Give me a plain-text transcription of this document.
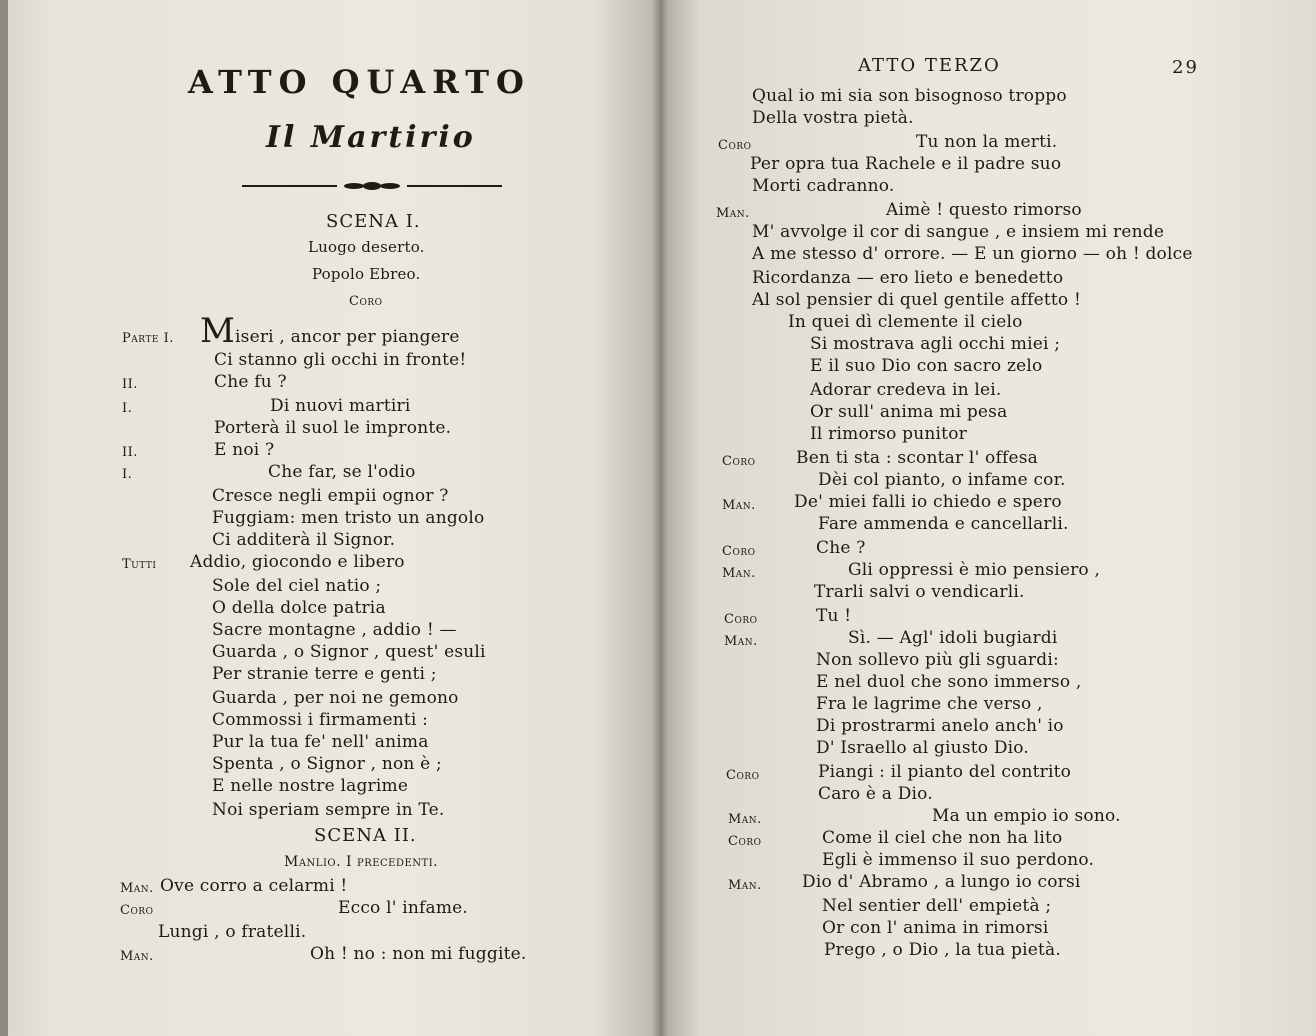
ATTO QUARTO
Il Martirio
SCENA I.
Luogo deserto.
Popolo Ebreo.
Coro
Parte I. Miseri , ancor per piangere
Ci stanno gli occhi in fronte!
II.	Che fu ?
I.	Di nuovi martiri
Porterà il suol le impronte.
II.	E noi ?
I.	Che far, se l'odio
Cresce negli empii ognor ?
Fuggiam: men tristo un angolo
Ci additerà il Signor.
Tutti Addio, giocondo e libero
Sole del ciel natio ;
O della dolce patria
Sacre montagne , addio ! —
Guarda , o Signor , quest' esuli
Per stranie terre e genti ;
Guarda , per noi ne gemono
Commossi i firmamenti :
Pur la tua fe' nell' anima
Spenta , o Signor , non è ;
E nelle nostre lagrime
Noi speriam sempre in Te.
SCENA II.
Manlio. I precedenti.
Man. Ove corro a celarmi !
Coro	Ecco l' infame.
Lungi , o fratelli.
Man.	Oh ! no : non mi fuggite.
ATTO TERZO	29
Qual io mi sia son bisognoso troppo
Della vostra pietà.
Coro	Tu non la merti.
Per opra tua Rachele e il padre suo
Morti cadranno.
Man.	Aimè ! questo rimorso
M' avvolge il cor di sangue , e insiem mi rende
A me stesso d' orrore. — E un giorno — oh ! dolce
Ricordanza — ero lieto e benedetto
Al sol pensier di quel gentile affetto !
In quei dì clemente il cielo
Si mostrava agli occhi miei ;
E il suo Dio con sacro zelo
Adorar credeva in lei.
Or sull' anima mi pesa
Il rimorso punitor
Coro Ben ti sta : scontar l' offesa
Dèi col pianto, o infame cor.
Man. De' miei falli io chiedo e spero
Fare ammenda e cancellarli.
Coro	Che ?
Man.	Gli oppressi è mio pensiero ,
Trarli salvi o vendicarli.
Coro	Tu !
Man.	Sì. — Agl' idoli bugiardi
Non sollevo più gli sguardi:
E nel duol che sono immerso ,
Fra le lagrime che verso ,
Di prostrarmi anelo anch' io
D' Israello al giusto Dio.
Coro	Piangi : il pianto del contrito
Caro è a Dio.
Man.	Ma un empio io sono.
Coro	Come il ciel che non ha lito
Egli è immenso il suo perdono.
Man. Dio d' Abramo , a lungo io corsi
Nel sentier dell' empietà ;
Or con l' anima in rimorsi
Prego , o Dio , la tua pietà.
